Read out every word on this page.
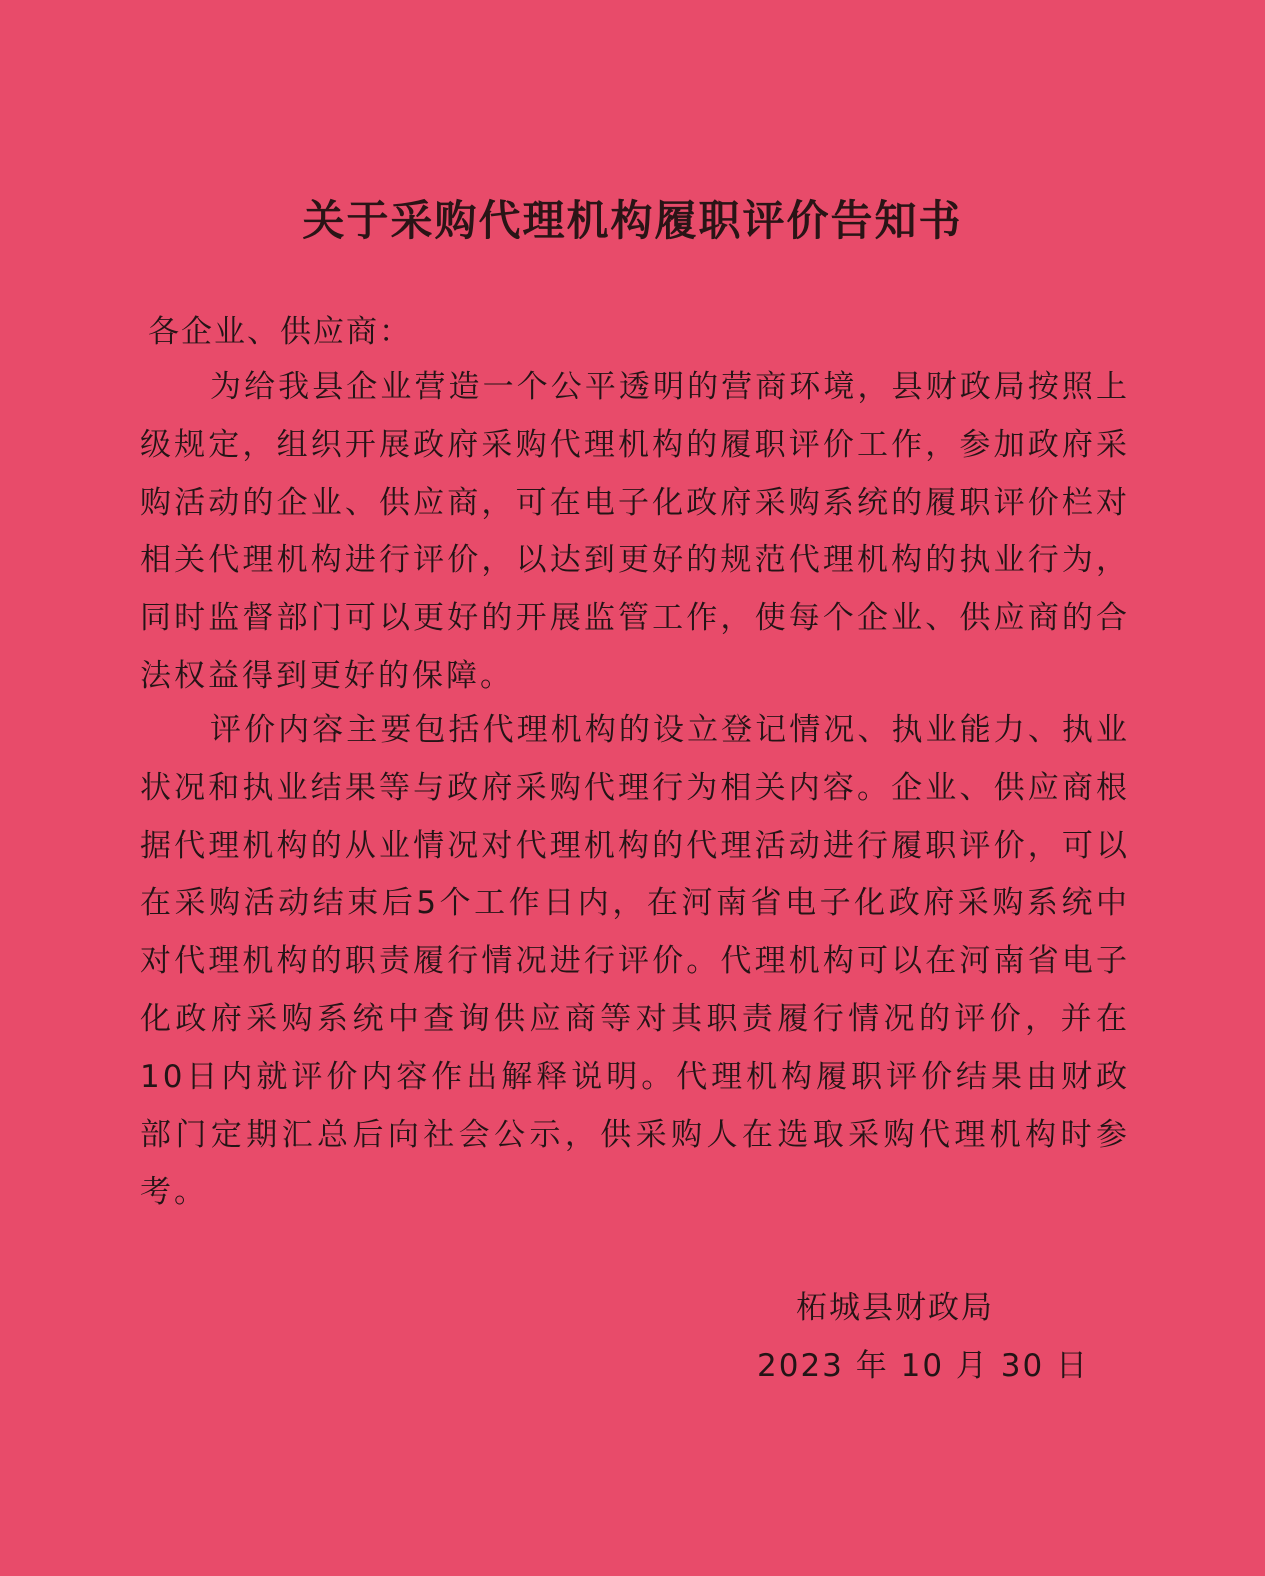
关于采购代理机构履职评价告知书
各企业、供应商：

为给我县企业营造一个公平透明的营商环境，县财政局按照上级规定，组织开展政府采购代理机构的履职评价工作，参加政府采购活动的企业、供应商，可在电子化政府采购系统的履职评价栏对相关代理机构进行评价，以达到更好的规范代理机构的执业行为，同时监督部门可以更好的开展监管工作，使每个企业、供应商的合法权益得到更好的保障。

评价内容主要包括代理机构的设立登记情况、执业能力、执业状况和执业结果等与政府采购代理行为相关内容。企业、供应商根据代理机构的从业情况对代理机构的代理活动进行履职评价，可以在采购活动结束后5个工作日内，在河南省电子化政府采购系统中对代理机构的职责履行情况进行评价。代理机构可以在河南省电子化政府采购系统中查询供应商等对其职责履行情况的评价，并在10日内就评价内容作出解释说明。代理机构履职评价结果由财政部门定期汇总后向社会公示，供采购人在选取采购代理机构时参考。

柘城县财政局
2023 年 10 月 30 日
